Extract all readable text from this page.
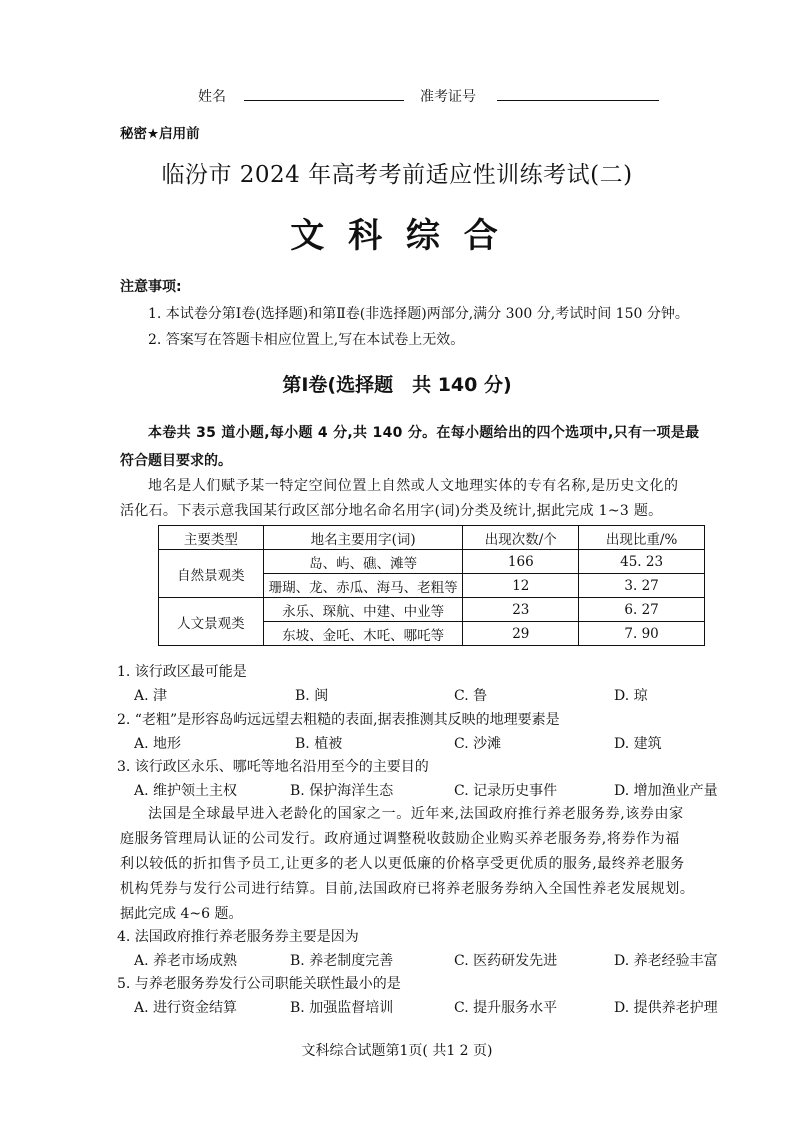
姓名	准考证号
秘密★启用前
临汾市 2024 年高考考前适应性训练考试(二)
文 科 综 合
注意事项:
1. 本试卷分第Ⅰ卷(选择题)和第Ⅱ卷(非选择题)两部分,满分 300 分,考试时间 150 分钟。
2. 答案写在答题卡相应位置上,写在本试卷上无效。
第Ⅰ卷(选择题　共 140 分)
本卷共 35 道小题,每小题 4 分,共 140 分。在每小题给出的四个选项中,只有一项是最
符合题目要求的。
地名是人们赋予某一特定空间位置上自然或人文地理实体的专有名称,是历史文化的
活化石。下表示意我国某行政区部分地名命名用字(词)分类及统计,据此完成 1~3 题。
主要类型	地名主要用字(词)	出现次数/个	出现比重/%
自然景观类	岛、屿、礁、滩等	166	45. 23
	珊瑚、龙、赤瓜、海马、老粗等	12	3. 27
人文景观类	永乐、琛航、中建、中业等	23	6. 27
	东坡、金吒、木吒、哪吒等	29	7. 90
1. 该行政区最可能是
A. 津	B. 闽	C. 鲁	D. 琼
2. “老粗”是形容岛屿远远望去粗糙的表面,据表推测其反映的地理要素是
A. 地形	B. 植被	C. 沙滩	D. 建筑
3. 该行政区永乐、哪吒等地名沿用至今的主要目的
A. 维护领土主权	B. 保护海洋生态	C. 记录历史事件	D. 增加渔业产量
法国是全球最早进入老龄化的国家之一。近年来,法国政府推行养老服务券,该券由家
庭服务管理局认证的公司发行。政府通过调整税收鼓励企业购买养老服务券,将券作为福
利以较低的折扣售予员工,让更多的老人以更低廉的价格享受更优质的服务,最终养老服务
机构凭券与发行公司进行结算。目前,法国政府已将养老服务券纳入全国性养老发展规划。
据此完成 4~6 题。
4. 法国政府推行养老服务券主要是因为
A. 养老市场成熟	B. 养老制度完善	C. 医药研发先进	D. 养老经验丰富
5. 与养老服务券发行公司职能关联性最小的是
A. 进行资金结算	B. 加强监督培训	C. 提升服务水平	D. 提供养老护理
文科综合试题第1页( 共1 2 页)
